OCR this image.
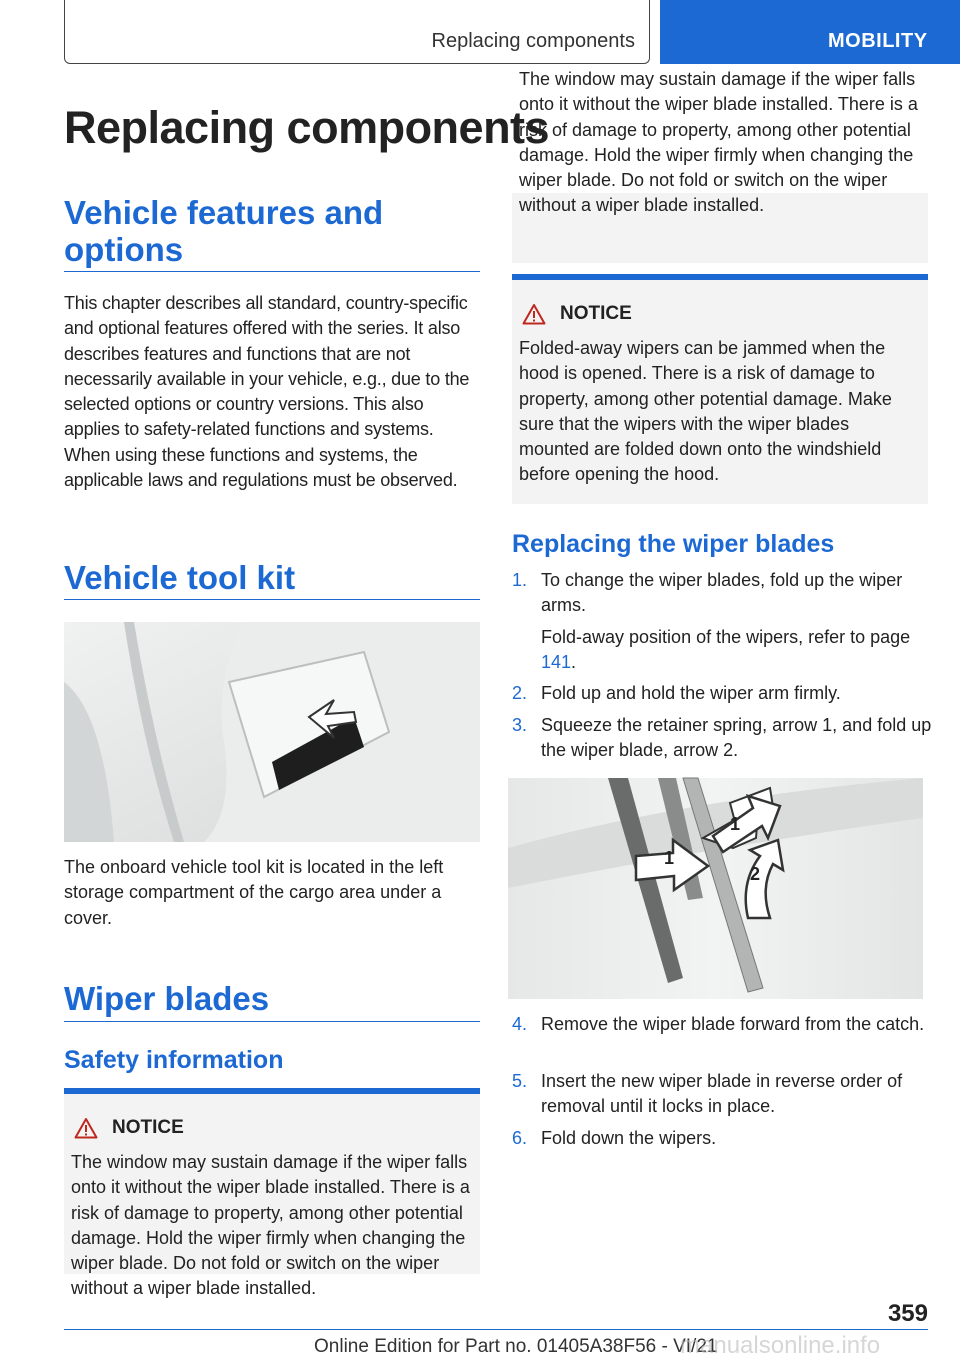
Replacing components	MOBILITY
Replacing components
Vehicle features and options

This chapter describes all standard, country-specific and optional features offered with the series. It also describes features and functions that are not necessarily available in your vehicle, e.g., due to the selected options or country versions. This also applies to safety-related functions and systems. When using these functions and systems, the applicable laws and regulations must be observed.

Vehicle tool kit

The onboard vehicle tool kit is located in the left storage compartment of the cargo area under a cover.

Wiper blades
Safety information
NOTICE

The window may sustain damage if the wiper falls onto it without the wiper blade installed. There is a risk of damage to property, among other potential damage. Hold the wiper firmly when changing the wiper blade. Do not fold or switch on the wiper without a wiper blade installed.

The window may sustain damage if the wiper falls onto it without the wiper blade installed. There is a risk of damage to property, among other potential damage. Hold the wiper firmly when changing the wiper blade. Do not fold or switch on the wiper without a wiper blade installed.

NOTICE

Folded-away wipers can be jammed when the hood is opened. There is a risk of damage to property, among other potential damage. Make sure that the wipers with the wiper blades mounted are folded down onto the windshield before opening the hood.

Replacing the wiper blades
1. To change the wiper blades, fold up the wiper arms.
Fold-away position of the wipers, refer to page 141.
2. Fold up and hold the wiper arm firmly.
3. Squeeze the retainer spring, arrow 1, and fold up the wiper blade, arrow 2.
1
1
2
4. Remove the wiper blade forward from the catch.
5. Insert the new wiper blade in reverse order of removal until it locks in place.
6. Fold down the wipers.
359
Online Edition for Part no. 01405A38F56 - VI/21
manualsonline.info
